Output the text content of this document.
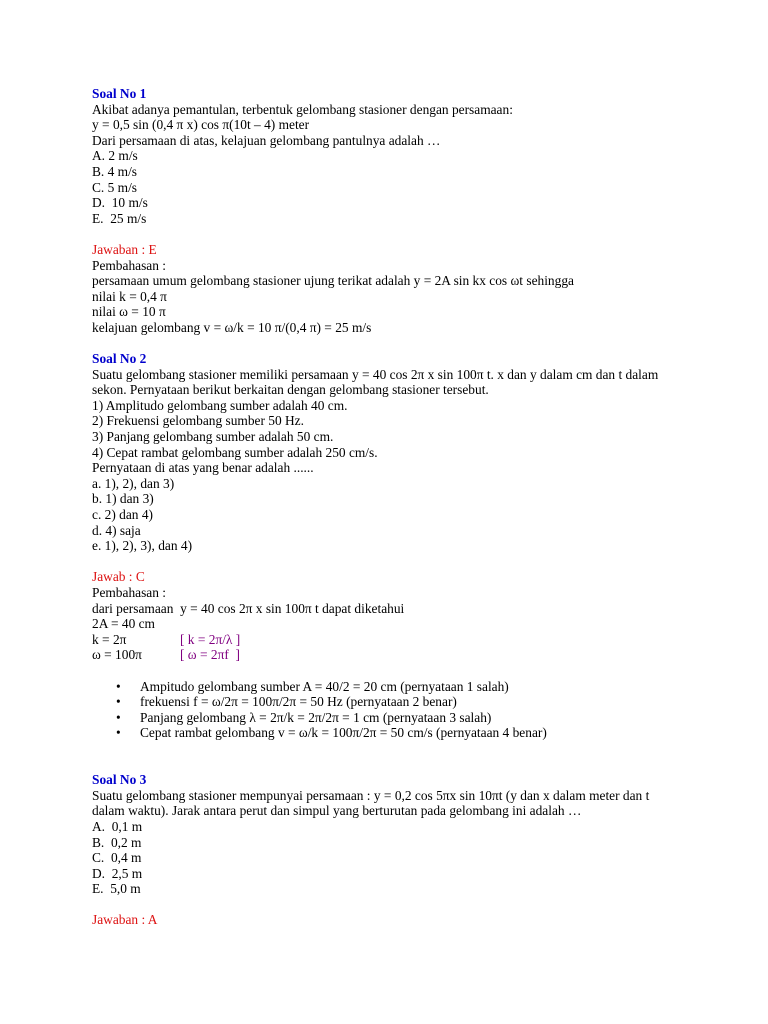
Soal No 1
Akibat adanya pemantulan, terbentuk gelombang stasioner dengan persamaan:
y = 0,5 sin (0,4 π x) cos π(10t – 4) meter
Dari persamaan di atas, kelajuan gelombang pantulnya adalah …
A. 2 m/s
B. 4 m/s
C. 5 m/s
D.  10 m/s
E.  25 m/s
Jawaban : E
Pembahasan :
persamaan umum gelombang stasioner ujung terikat adalah y = 2A sin kx cos ωt sehingga
nilai k = 0,4 π
nilai ω = 10 π
kelajuan gelombang v = ω/k = 10 π/(0,4 π) = 25 m/s
Soal No 2
Suatu gelombang stasioner memiliki persamaan y = 40 cos 2π x sin 100π t. x dan y dalam cm dan t dalam sekon. Pernyataan berikut berkaitan dengan gelombang stasioner tersebut.
1) Amplitudo gelombang sumber adalah 40 cm.
2) Frekuensi gelombang sumber 50 Hz.
3) Panjang gelombang sumber adalah 50 cm.
4) Cepat rambat gelombang sumber adalah 250 cm/s.
Pernyataan di atas yang benar adalah ......
a. 1), 2), dan 3)
b. 1) dan 3)
c. 2) dan 4)
d. 4) saja
e. 1), 2), 3), dan 4)
Jawab : C
Pembahasan :
dari persamaan  y = 40 cos 2π x sin 100π t dapat diketahui
2A = 40 cm
k = 2π	[ k = 2π/λ ]
ω = 100π	[ ω = 2πf  ]
• Ampitudo gelombang sumber A = 40/2 = 20 cm (pernyataan 1 salah)
• frekuensi f = ω/2π = 100π/2π = 50 Hz (pernyataan 2 benar)
• Panjang gelombang λ = 2π/k = 2π/2π = 1 cm (pernyataan 3 salah)
• Cepat rambat gelombang v = ω/k = 100π/2π = 50 cm/s (pernyataan 4 benar)
Soal No 3
Suatu gelombang stasioner mempunyai persamaan : y = 0,2 cos 5πx sin 10πt (y dan x dalam meter dan t dalam waktu). Jarak antara perut dan simpul yang berturutan pada gelombang ini adalah …
A.  0,1 m
B.  0,2 m
C.  0,4 m
D.  2,5 m
E.  5,0 m
Jawaban : A
